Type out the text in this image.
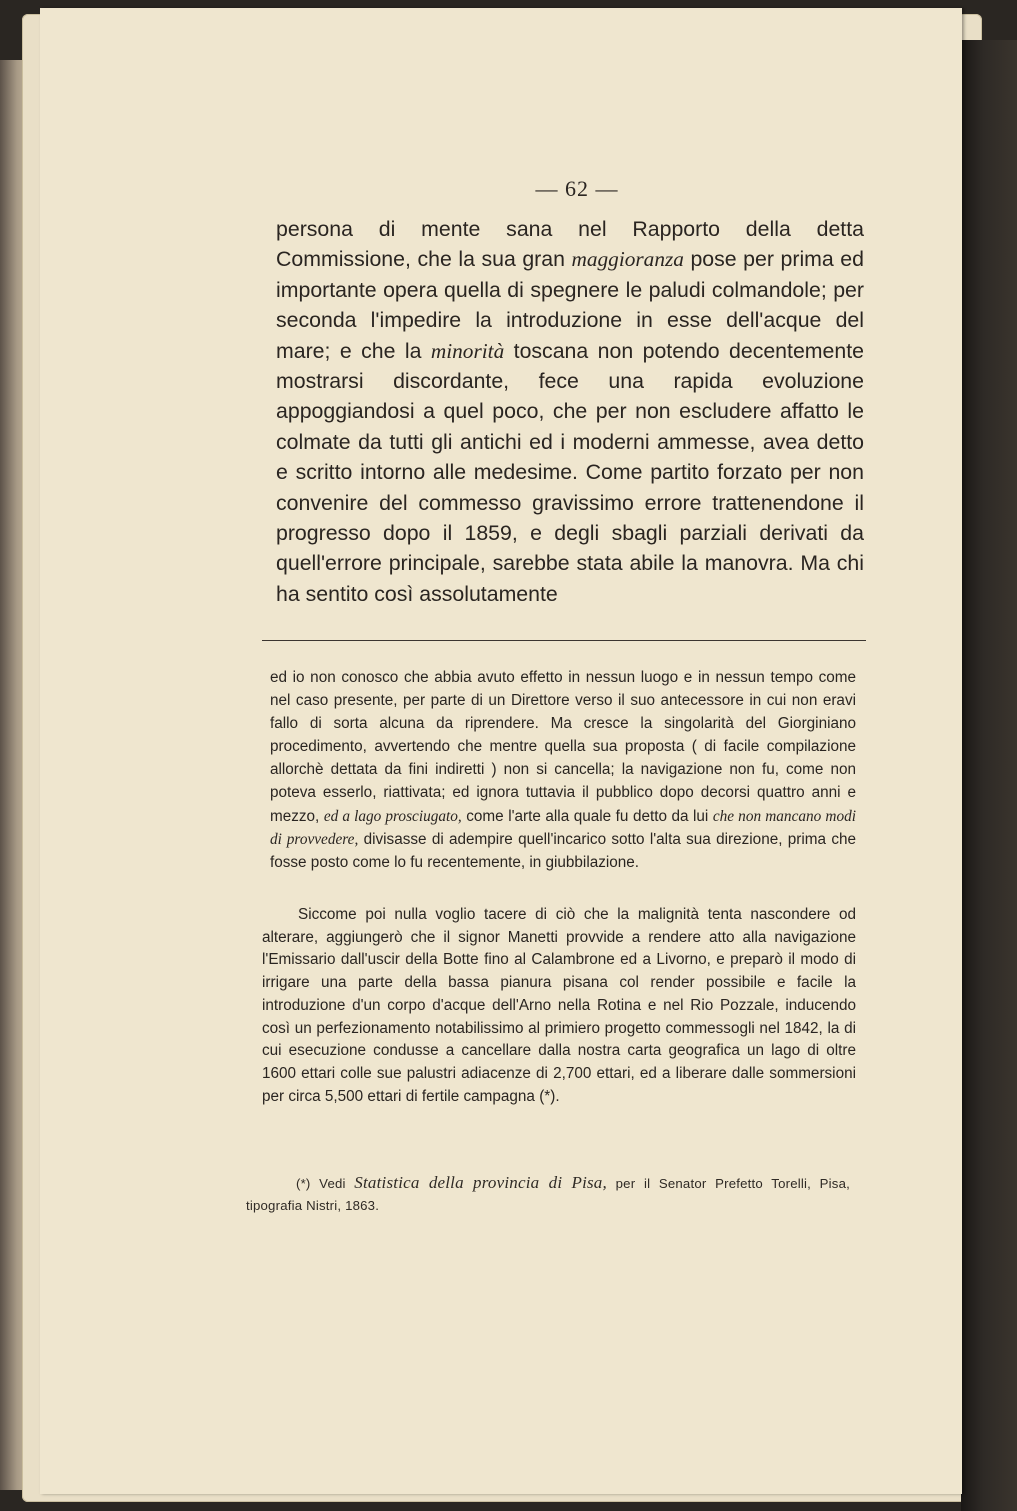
— 62 —

persona di mente sana nel Rapporto della detta Commissione, che la sua gran maggioranza pose per prima ed importante opera quella di spegnere le paludi colmandole; per seconda l'impedire la introduzione in esse dell'acque del mare; e che la minorità toscana non potendo decentemente mostrarsi discordante, fece una rapida evoluzione appoggiandosi a quel poco, che per non escludere affatto le colmate da tutti gli antichi ed i moderni ammesse, avea detto e scritto intorno alle medesime. Come partito forzato per non convenire del commesso gravissimo errore trattenendone il progresso dopo il 1859, e degli sbagli parziali derivati da quell'errore principale, sarebbe stata abile la manovra. Ma chi ha sentito così assolutamente

ed io non conosco che abbia avuto effetto in nessun luogo e in nessun tempo come nel caso presente, per parte di un Direttore verso il suo antecessore in cui non eravi fallo di sorta alcuna da riprendere. Ma cresce la singolarità del Giorginiano procedimento, avvertendo che mentre quella sua proposta ( di facile compilazione allorchè dettata da fini indiretti ) non si cancella; la navigazione non fu, come non poteva esserlo, riattivata; ed ignora tuttavia il pubblico dopo decorsi quattro anni e mezzo, ed a lago prosciugato, come l'arte alla quale fu detto da lui che non mancano modi di provvedere, divisasse di adempire quell'incarico sotto l'alta sua direzione, prima che fosse posto come lo fu recentemente, in giubbilazione.

Siccome poi nulla voglio tacere di ciò che la malignità tenta nascondere od alterare, aggiungerò che il signor Manetti provvide a rendere atto alla navigazione l'Emissario dall'uscir della Botte fino al Calambrone ed a Livorno, e preparò il modo di irrigare una parte della bassa pianura pisana col render possibile e facile la introduzione d'un corpo d'acque dell'Arno nella Rotina e nel Rio Pozzale, inducendo così un perfezionamento notabilissimo al primiero progetto commessogli nel 1842, la di cui esecuzione condusse a cancellare dalla nostra carta geografica un lago di oltre 1600 ettari colle sue palustri adiacenze di 2,700 ettari, ed a liberare dalle sommersioni per circa 5,500 ettari di fertile campagna (*).

(*) Vedi Statistica della provincia di Pisa, per il Senator Prefetto Torelli, Pisa, tipografia Nistri, 1863.
